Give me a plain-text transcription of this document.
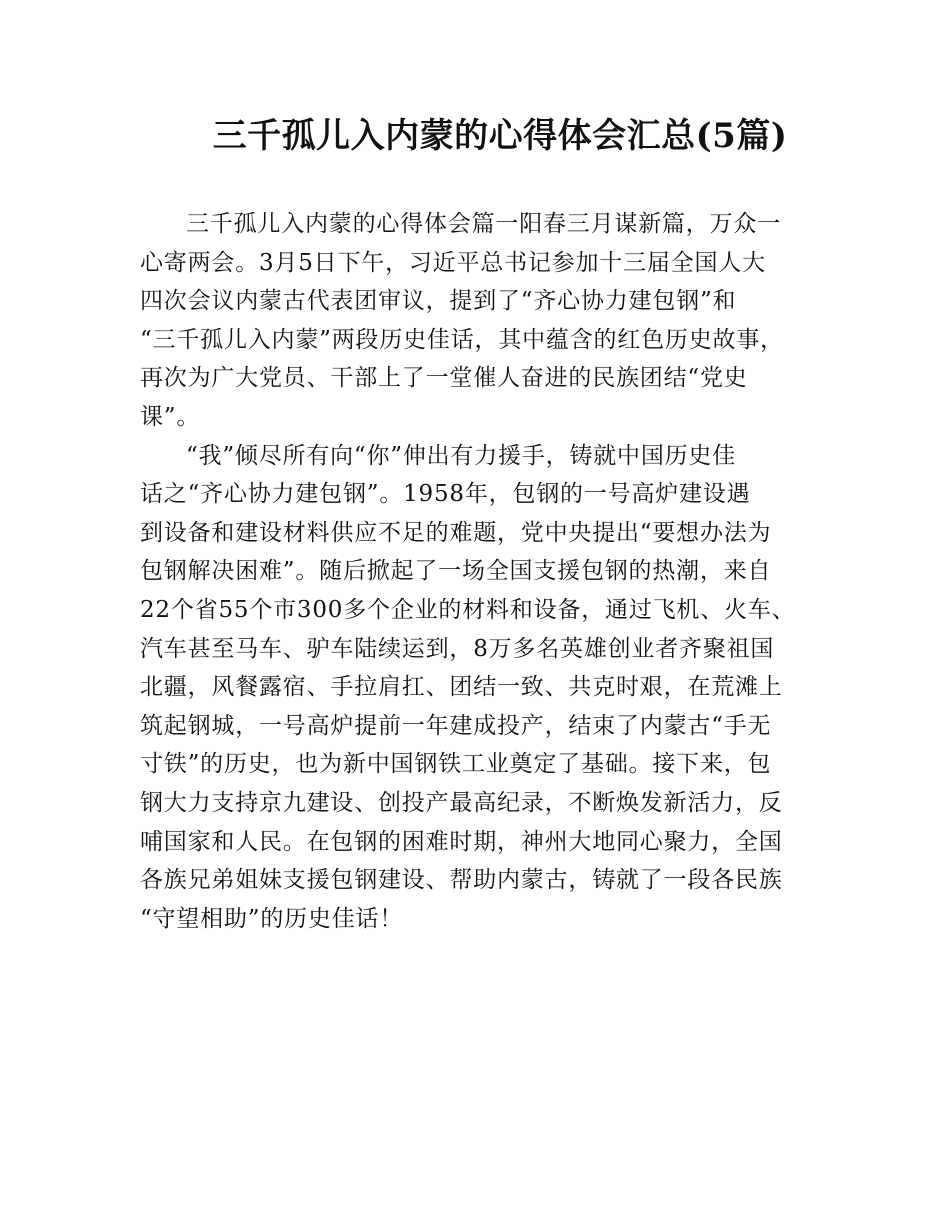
三千孤儿入内蒙的心得体会汇总(5篇)
三千孤儿入内蒙的心得体会篇一阳春三月谋新篇，万众一
心寄两会。3月5日下午，习近平总书记参加十三届全国人大
四次会议内蒙古代表团审议，提到了“齐心协力建包钢”和
“三千孤儿入内蒙”两段历史佳话，其中蕴含的红色历史故事，
再次为广大党员、干部上了一堂催人奋进的民族团结“党史
课”。
“我”倾尽所有向“你”伸出有力援手，铸就中国历史佳
话之“齐心协力建包钢”。1958年，包钢的一号高炉建设遇
到设备和建设材料供应不足的难题，党中央提出“要想办法为
包钢解决困难”。随后掀起了一场全国支援包钢的热潮，来自
22个省55个市300多个企业的材料和设备，通过飞机、火车、
汽车甚至马车、驴车陆续运到，8万多名英雄创业者齐聚祖国
北疆，风餐露宿、手拉肩扛、团结一致、共克时艰，在荒滩上
筑起钢城，一号高炉提前一年建成投产，结束了内蒙古“手无
寸铁”的历史，也为新中国钢铁工业奠定了基础。接下来，包
钢大力支持京九建设、创投产最高纪录，不断焕发新活力，反
哺国家和人民。在包钢的困难时期，神州大地同心聚力，全国
各族兄弟姐妹支援包钢建设、帮助内蒙古，铸就了一段各民族
“守望相助”的历史佳话！
